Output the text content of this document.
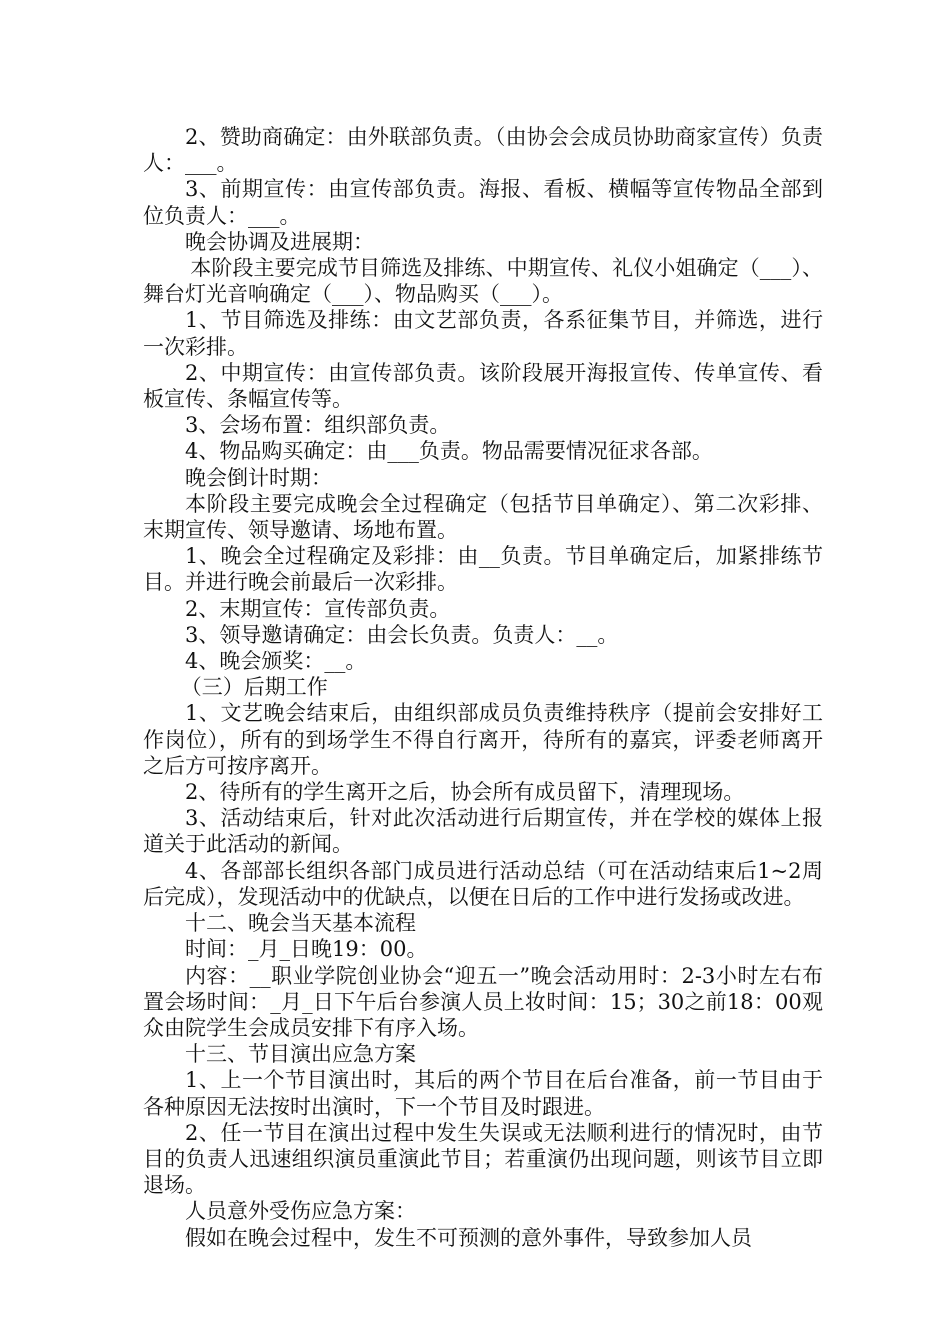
2、赞助商确定：由外联部负责。（由协会会成员协助商家宣传）负责人：___。

3、前期宣传：由宣传部负责。海报、看板、横幅等宣传物品全部到位负责人：___。

晚会协调及进展期：

本阶段主要完成节目筛选及排练、中期宣传、礼仪小姐确定（___）、舞台灯光音响确定（___）、物品购买（___）。

1、节目筛选及排练：由文艺部负责，各系征集节目，并筛选，进行一次彩排。

2、中期宣传：由宣传部负责。该阶段展开海报宣传、传单宣传、看板宣传、条幅宣传等。

3、会场布置：组织部负责。

4、物品购买确定：由___负责。物品需要情况征求各部。

晚会倒计时期：

本阶段主要完成晚会全过程确定（包括节目单确定）、第二次彩排、末期宣传、领导邀请、场地布置。

1、晚会全过程确定及彩排：由__负责。节目单确定后，加紧排练节目。并进行晚会前最后一次彩排。

2、末期宣传：宣传部负责。

3、领导邀请确定：由会长负责。负责人：__。

4、晚会颁奖：__。

（三）后期工作

1、文艺晚会结束后，由组织部成员负责维持秩序（提前会安排好工作岗位），所有的到场学生不得自行离开，待所有的嘉宾，评委老师离开之后方可按序离开。

2、待所有的学生离开之后，协会所有成员留下，清理现场。

3、活动结束后，针对此次活动进行后期宣传，并在学校的媒体上报道关于此活动的新闻。

4、各部部长组织各部门成员进行活动总结（可在活动结束后1~2周后完成），发现活动中的优缺点，以便在日后的工作中进行发扬或改进。

十二、晚会当天基本流程

时间：_月_日晚19：00。

内容：__职业学院创业协会“迎五一”晚会活动用时：2-3小时左右布置会场时间：_月_日下午后台参演人员上妆时间：15；30之前18：00观众由院学生会成员安排下有序入场。

十三、节目演出应急方案

1、上一个节目演出时，其后的两个节目在后台准备，前一节目由于各种原因无法按时出演时，下一个节目及时跟进。

2、任一节目在演出过程中发生失误或无法顺利进行的情况时，由节目的负责人迅速组织演员重演此节目；若重演仍出现问题，则该节目立即退场。

人员意外受伤应急方案：

假如在晚会过程中，发生不可预测的意外事件，导致参加人员
